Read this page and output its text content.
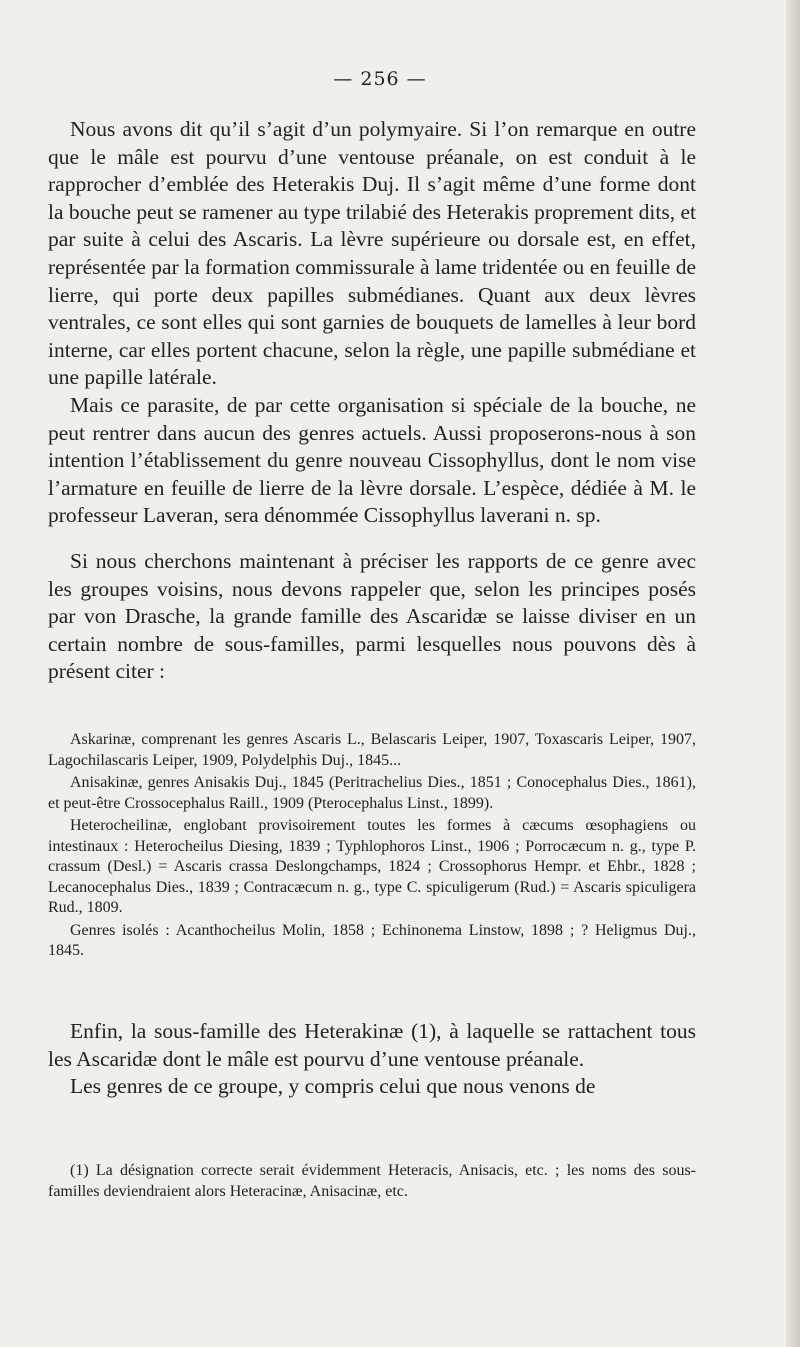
— 256 —

Nous avons dit qu’il s’agit d’un polymyaire. Si l’on remarque en outre que le mâle est pourvu d’une ventouse préanale, on est conduit à le rapprocher d’emblée des Heterakis Duj. Il s’agit même d’une forme dont la bouche peut se ramener au type trilabié des Heterakis proprement dits, et par suite à celui des Ascaris. La lèvre supérieure ou dorsale est, en effet, représentée par la formation commissurale à lame tridentée ou en feuille de lierre, qui porte deux papilles submédianes. Quant aux deux lèvres ventrales, ce sont elles qui sont garnies de bouquets de lamelles à leur bord interne, car elles portent chacune, selon la règle, une papille submédiane et une papille latérale.

Mais ce parasite, de par cette organisation si spéciale de la bouche, ne peut rentrer dans aucun des genres actuels. Aussi proposerons-nous à son intention l’établissement du genre nouveau Cissophyllus, dont le nom vise l’armature en feuille de lierre de la lèvre dorsale. L’espèce, dédiée à M. le professeur Laveran, sera dénommée Cissophyllus laverani n. sp.

Si nous cherchons maintenant à préciser les rapports de ce genre avec les groupes voisins, nous devons rappeler que, selon les principes posés par von Drasche, la grande famille des Ascaridæ se laisse diviser en un certain nombre de sous-familles, parmi lesquelles nous pouvons dès à présent citer :

Askarinæ, comprenant les genres Ascaris L., Belascaris Leiper, 1907, Toxascaris Leiper, 1907, Lagochilascaris Leiper, 1909, Polydelphis Duj., 1845...

Anisakinæ, genres Anisakis Duj., 1845 (Peritrachelius Dies., 1851 ; Conocephalus Dies., 1861), et peut-être Crossocephalus Raill., 1909 (Pterocephalus Linst., 1899).

Heterocheilinæ, englobant provisoirement toutes les formes à cæcums œsophagiens ou intestinaux : Heterocheilus Diesing, 1839 ; Typhlophoros Linst., 1906 ; Porrocæcum n. g., type P. crassum (Desl.) = Ascaris crassa Deslongchamps, 1824 ; Crossophorus Hempr. et Ehbr., 1828 ; Lecanocephalus Dies., 1839 ; Contracæcum n. g., type C. spiculigerum (Rud.) = Ascaris spiculigera Rud., 1809.

Genres isolés : Acanthocheilus Molin, 1858 ; Echinonema Linstow, 1898 ; ? Heligmus Duj., 1845.

Enfin, la sous-famille des Heterakinæ (1), à laquelle se rattachent tous les Ascaridæ dont le mâle est pourvu d’une ventouse préanale.

Les genres de ce groupe, y compris celui que nous venons de

(1) La désignation correcte serait évidemment Heteracis, Anisacis, etc. ; les noms des sous-familles deviendraient alors Heteracinæ, Anisacinæ, etc.
